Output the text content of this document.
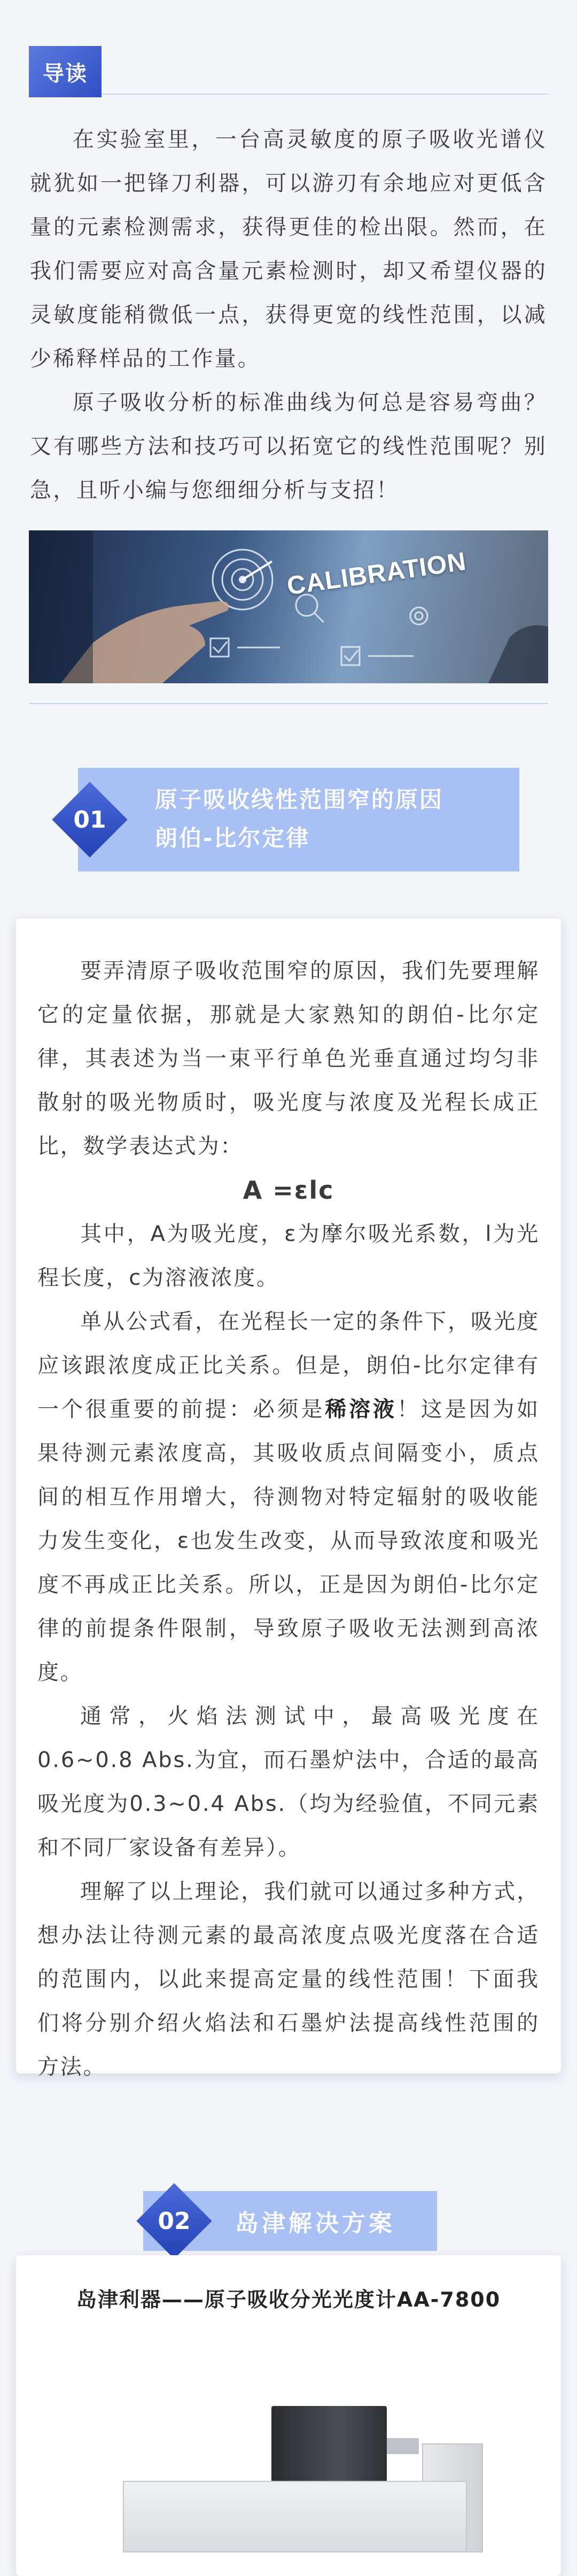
导读

在实验室里，一台高灵敏度的原子吸收光谱仪就犹如一把锋刀利器，可以游刃有余地应对更低含量的元素检测需求，获得更佳的检出限。然而，在我们需要应对高含量元素检测时，却又希望仪器的灵敏度能稍微低一点，获得更宽的线性范围，以减少稀释样品的工作量。

原子吸收分析的标准曲线为何总是容易弯曲？又有哪些方法和技巧可以拓宽它的线性范围呢？别急，且听小编与您细细分析与支招！

CALIBRATION
01
原子吸收线性范围窄的原因
朗伯-比尔定律

要弄清原子吸收范围窄的原因，我们先要理解它的定量依据，那就是大家熟知的朗伯-比尔定律，其表述为当一束平行单色光垂直通过均匀非散射的吸光物质时，吸光度与浓度及光程长成正比，数学表达式为：

A =εlc

其中，A为吸光度，ε为摩尔吸光系数，l为光程长度，c为溶液浓度。

单从公式看，在光程长一定的条件下，吸光度应该跟浓度成正比关系。但是，朗伯-比尔定律有一个很重要的前提：必须是稀溶液！这是因为如果待测元素浓度高，其吸收质点间隔变小，质点间的相互作用增大，待测物对特定辐射的吸收能力发生变化，ε也发生改变，从而导致浓度和吸光度不再成正比关系。所以，正是因为朗伯-比尔定律的前提条件限制，导致原子吸收无法测到高浓度。

通常，火焰法测试中，最高吸光度在0.6~0.8 Abs.为宜，而石墨炉法中，合适的最高吸光度为0.3~0.4 Abs.（均为经验值，不同元素和不同厂家设备有差异）。

理解了以上理论，我们就可以通过多种方式，想办法让待测元素的最高浓度点吸光度落在合适的范围内，以此来提高定量的线性范围！下面我们将分别介绍火焰法和石墨炉法提高线性范围的方法。

02	岛津解决方案
岛津利器——原子吸收分光光度计AA-7800
